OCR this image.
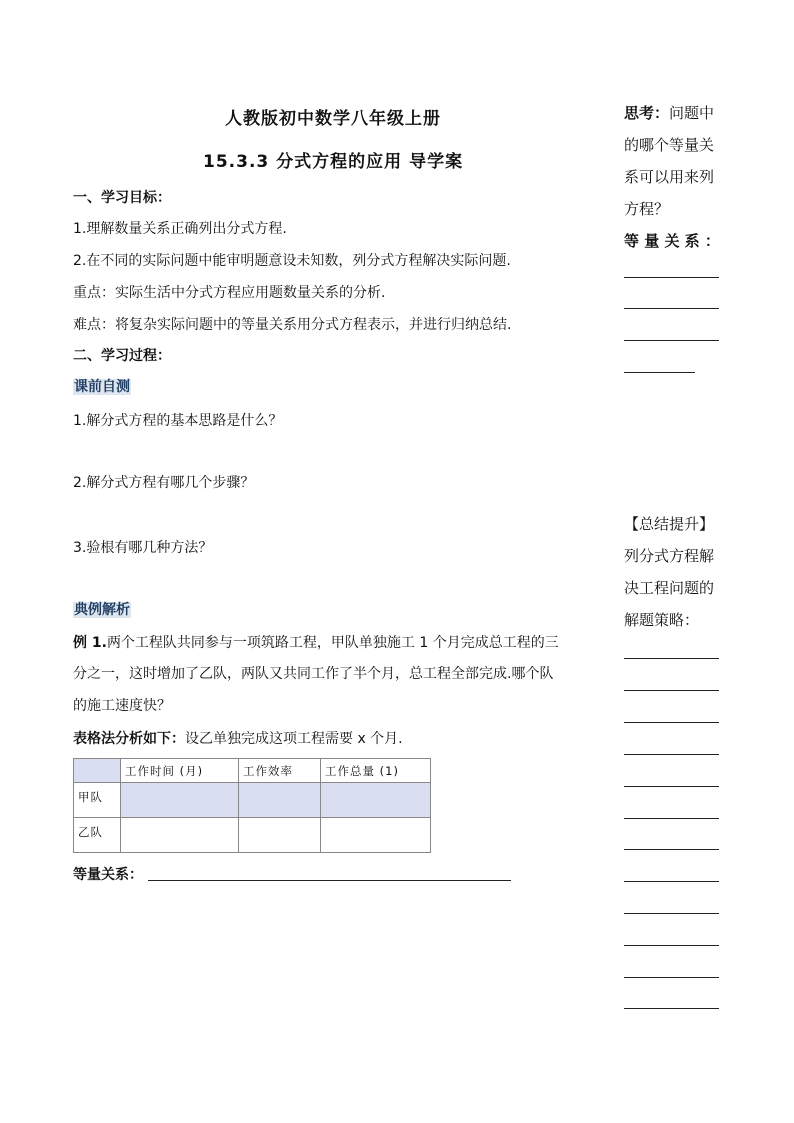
人教版初中数学八年级上册
15.3.3 分式方程的应用 导学案
一、学习目标：
1.理解数量关系正确列出分式方程.
2.在不同的实际问题中能审明题意设未知数，列分式方程解决实际问题.
重点：实际生活中分式方程应用题数量关系的分析.
难点：将复杂实际问题中的等量关系用分式方程表示，并进行归纳总结.
二、学习过程：
课前自测
1.解分式方程的基本思路是什么？
2.解分式方程有哪几个步骤？
3.验根有哪几种方法？
典例解析
例 1.两个工程队共同参与一项筑路工程，甲队单独施工 1 个月完成总工程的三
分之一，这时增加了乙队，两队又共同工作了半个月，总工程全部完成.哪个队
的施工速度快？
表格法分析如下：设乙单独完成这项工程需要 x 个月.
	工作时间 (月)	工作效率	工作总量 (1)
甲队			
乙队			
等量关系：
思考：问题中
的哪个等量关
系可以用来列
方程？
等 量 关 系 ：
【总结提升】
列分式方程解
决工程问题的
解题策略：
